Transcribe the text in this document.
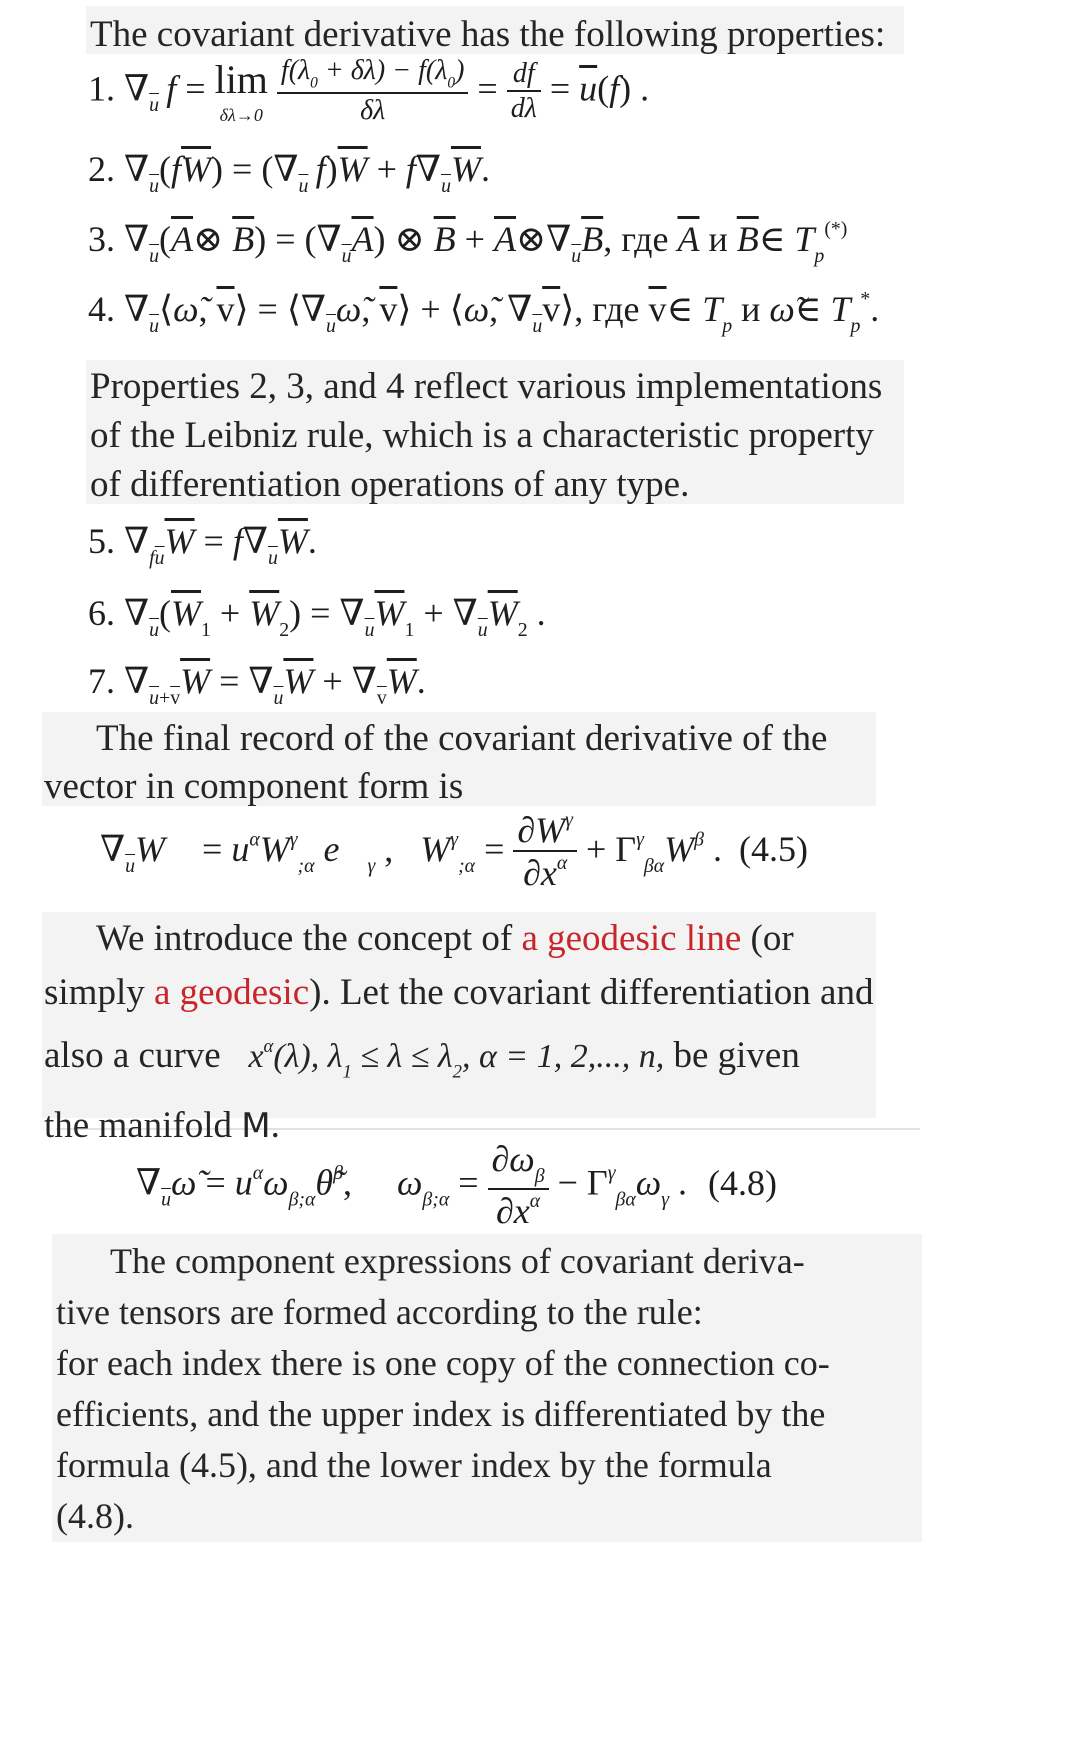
The covariant derivative has the following properties:
1. $\nabla_{\overline{u}}$  f = lim
δλ→0
$\frac{f(\lambda_0 + \delta\lambda) - f(\lambda_0)}{\delta\lambda} = \frac{df}{d\lambda} = \overline{u}(f)$ .
2. $\nabla_{\overline{u}}(f\overline{W}) = (\nabla_{\overline{u}}$  $f)\overline{W} + f\nabla_{\overline{u}}\overline{W}$.
3. $\nabla_{\overline{u}}(\overline{A}\otimes$ $\overline{B}) = (\nabla_{\overline{u}}\overline{A})$ ⊗ $\overline{B}$ + $\overline{A}\otimes\nabla_{\overline{u}}\overline{B}$, где $\overline{A}$ и $\overline{B}\in$ $T_p^{(*)}$
4. $\nabla_{\overline{u}}⟨\omegã$, $\overline{v}⟩$ = $⟨\nabla_{\overline{u}}\omegã$, $\overline{v}⟩$ + ⟨ω̃, $\nabla_{\overline{u}}\overline{v}⟩$, где $\overline{v}\in$ $T_p$ и ω̃∈ $T_p^*$.
Properties 2, 3, and 4 reflect various implementations of the Leibniz rule, which is a characteristic property of differentiation operations of any type.
5. $\nabla_{f\overline{u}}\overline{W} = f\nabla_{\overline{u}}\overline{W}$.
6. $\nabla_{\overline{u}}(\overline{W}_1 + \overline{W}_2) = \nabla_{\overline{u}}\overline{W}_1 + \nabla_{\overline{u}}\overline{W}_2$ .
7. $\nabla_{\overline{u}+\overline{v}}\overline{W} = \nabla_{\overline{u}}\overline{W} + \nabla_{\overline{v}}\overline{W}$.
The final record of the covariant derivative of the
vector in component form is
$\nabla_{\overline{u}}W⃗ = u^\alpha W^\gamma_{;\alpha}$ $e⃗_\gamma$ ,   $W^\gamma_{;\alpha} = \frac{\partial W^\gamma}{\partial x^\alpha} + \Gamma^\gamma_{\beta\alpha}W^\beta$ . (4.5)

We introduce the concept of a geodesic line (or

simply a geodesic). Let the covariant differentiation and

also a curve $x^\alpha(\lambda)$, $\lambda_1 \le \lambda \le \lambda_2$, α = 1, 2,..., n, be given

the manifold M.

$\nabla_{\overline{u}}\omegã$ = $u^\alpha\omega_{\beta;\alpha}\thetã^\beta$,     $\omega_{\beta;\alpha} = \frac{\partial\omega_\beta}{\partial x^\alpha} - \Gamma^\gamma_{\beta\alpha}\omega_\gamma$ . (4.8)

The component expressions of covariant deriva-

tive tensors are formed according to the rule:

for each index there is one copy of the connection co-

efficients, and the upper index is differentiated by the

formula (4.5), and the lower index by the formula

(4.8).
